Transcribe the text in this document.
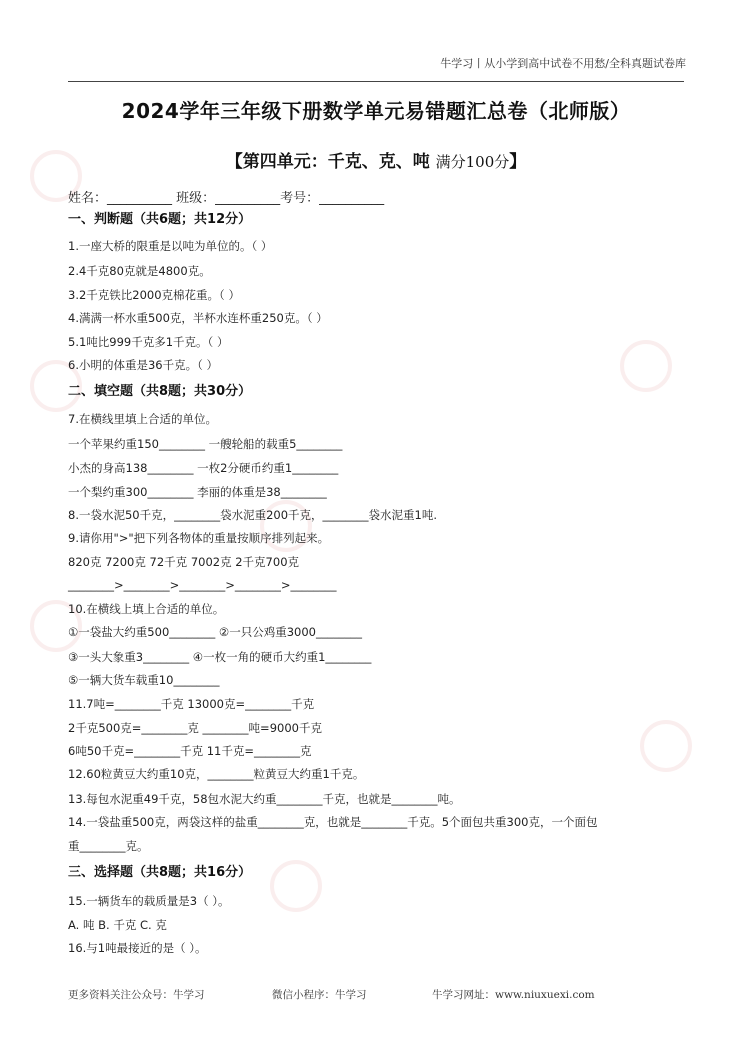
牛学习丨从小学到高中试卷不用愁/全科真题试卷库
2024学年三年级下册数学单元易错题汇总卷（北师版）
【第四单元：千克、克、吨 满分100分】
姓名：__________ 班级：__________考号：__________
一、判断题（共6题；共12分）
1.一座大桥的限重是以吨为单位的。（ ）
2.4千克80克就是4800克。
3.2千克铁比2000克棉花重。（ ）
4.满满一杯水重500克，半杯水连杯重250克。（ ）
5.1吨比999千克多1千克。（ ）
6.小明的体重是36千克。（ ）
二、填空题（共8题；共30分）
7.在横线里填上合适的单位。
一个苹果约重150________ 一艘轮船的载重5________
小杰的身高138________ 一枚2分硬币约重1________
一个梨约重300________ 李丽的体重是38________
8.一袋水泥50千克，________袋水泥重200千克，________袋水泥重1吨.
9.请你用">"把下列各物体的重量按顺序排列起来。
820克 7200克 72千克 7002克 2千克700克
________>________>________>________>________
10.在横线上填上合适的单位。
①一袋盐大约重500________ ②一只公鸡重3000________
③一头大象重3________ ④一枚一角的硬币大约重1________
⑤一辆大货车载重10________
11.7吨=________千克 13000克=________千克
2千克500克=________克 ________吨=9000千克
6吨50千克=________千克 11千克=________克
12.60粒黄豆大约重10克，________粒黄豆大约重1千克。
13.每包水泥重49千克，58包水泥大约重________千克，也就是________吨。
14.一袋盐重500克，两袋这样的盐重________克，也就是________千克。5个面包共重300克，一个面包
重________克。
三、选择题（共8题；共16分）
15.一辆货车的载质量是3（ ）。
A. 吨 B. 千克 C. 克
16.与1吨最接近的是（ ）。
更多资料关注公众号：牛学习	微信小程序：牛学习	牛学习网址：www.niuxuexi.com
